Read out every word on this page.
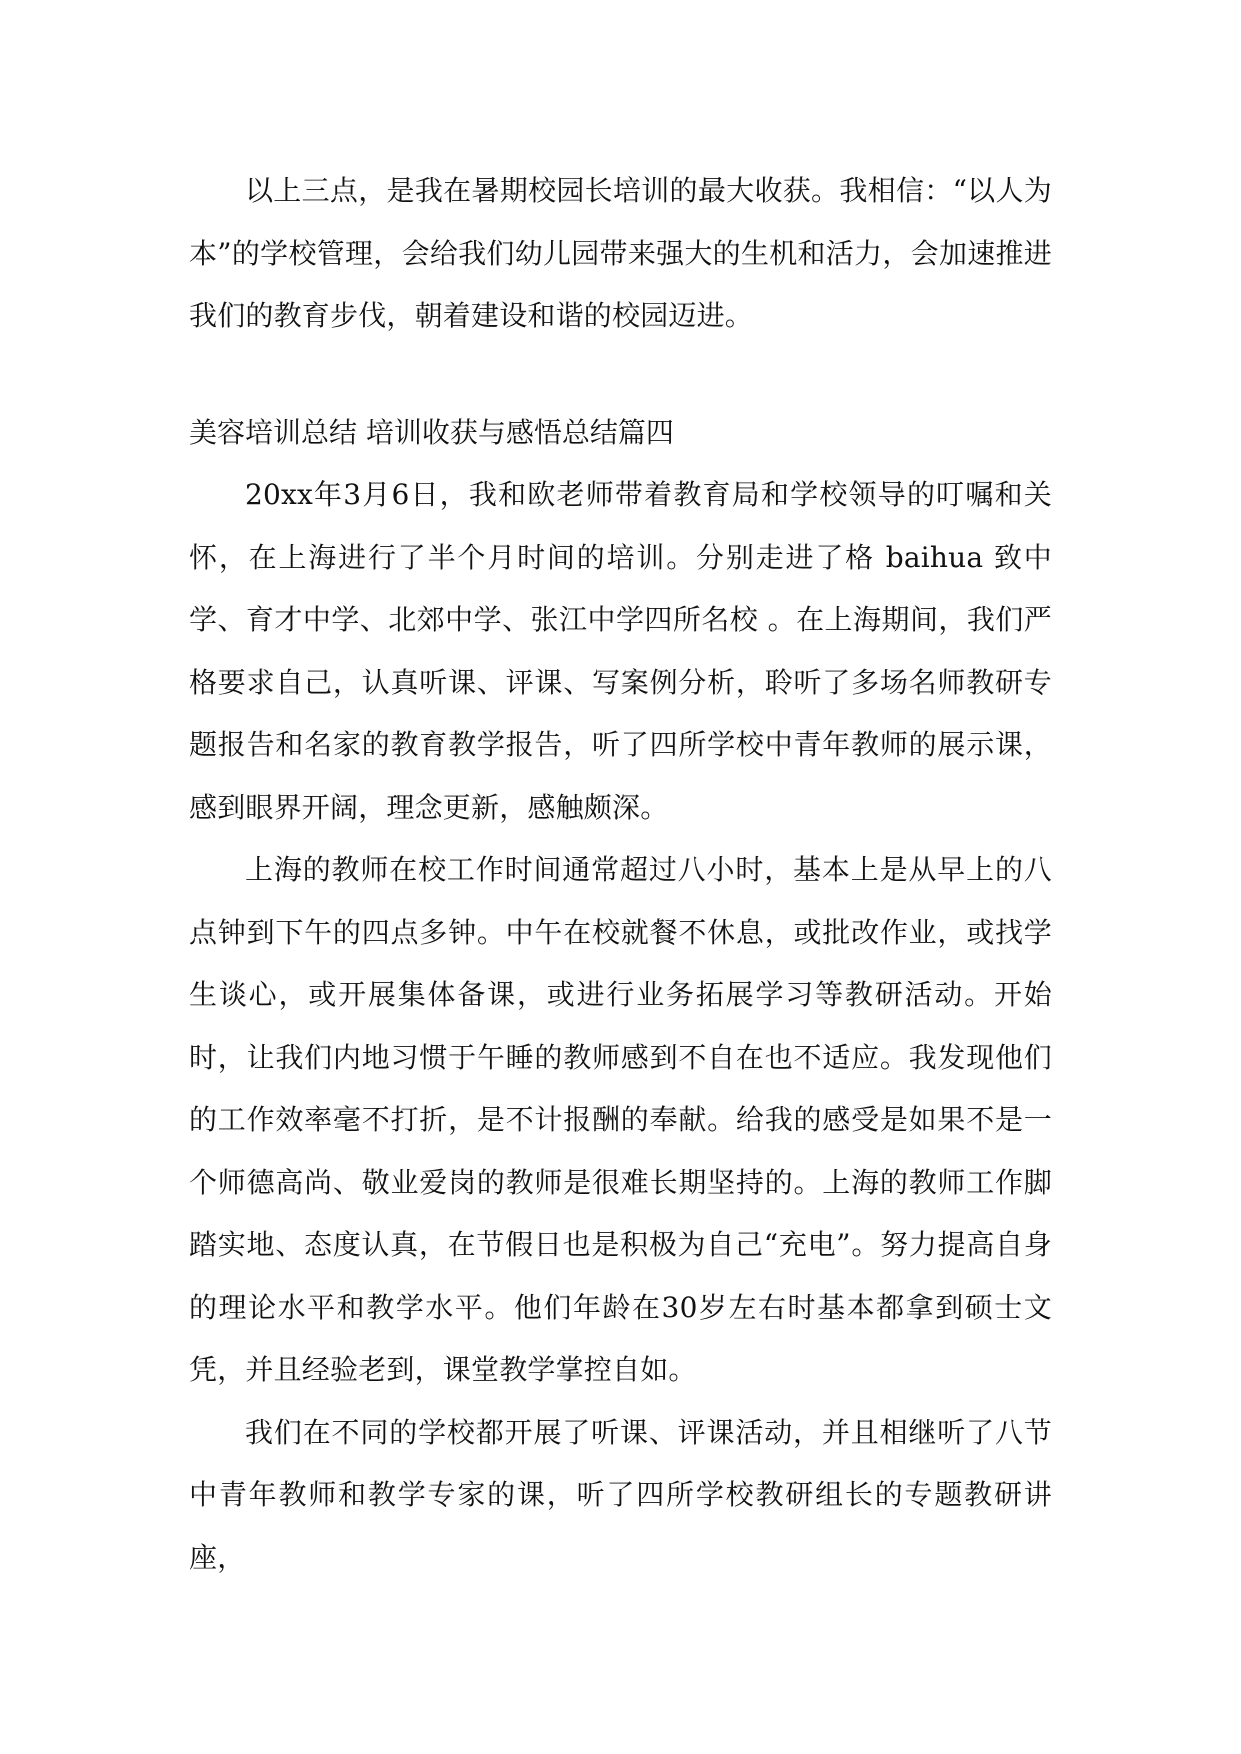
以上三点，是我在暑期校园长培训的最大收获。我相信：“以人为本”的学校管理，会给我们幼儿园带来强大的生机和活力，会加速推进我们的教育步伐，朝着建设和谐的校园迈进。

美容培训总结 培训收获与感悟总结篇四

20xx年3月6日，我和欧老师带着教育局和学校领导的叮嘱和关怀，在上海进行了半个月时间的培训。分别走进了格 baihua 致中学、育才中学、北郊中学、张江中学四所名校 。在上海期间，我们严格要求自己，认真听课、评课、写案例分析，聆听了多场名师教研专题报告和名家的教育教学报告，听了四所学校中青年教师的展示课，感到眼界开阔，理念更新，感触颇深。

上海的教师在校工作时间通常超过八小时，基本上是从早上的八点钟到下午的四点多钟。中午在校就餐不休息，或批改作业，或找学生谈心，或开展集体备课，或进行业务拓展学习等教研活动。开始时，让我们内地习惯于午睡的教师感到不自在也不适应。我发现他们的工作效率毫不打折，是不计报酬的奉献。给我的感受是如果不是一个师德高尚、敬业爱岗的教师是很难长期坚持的。上海的教师工作脚踏实地、态度认真，在节假日也是积极为自己“充电”。努力提高自身的理论水平和教学水平。他们年龄在30岁左右时基本都拿到硕士文凭，并且经验老到，课堂教学掌控自如。

我们在不同的学校都开展了听课、评课活动，并且相继听了八节中青年教师和教学专家的课，听了四所学校教研组长的专题教研讲座，
